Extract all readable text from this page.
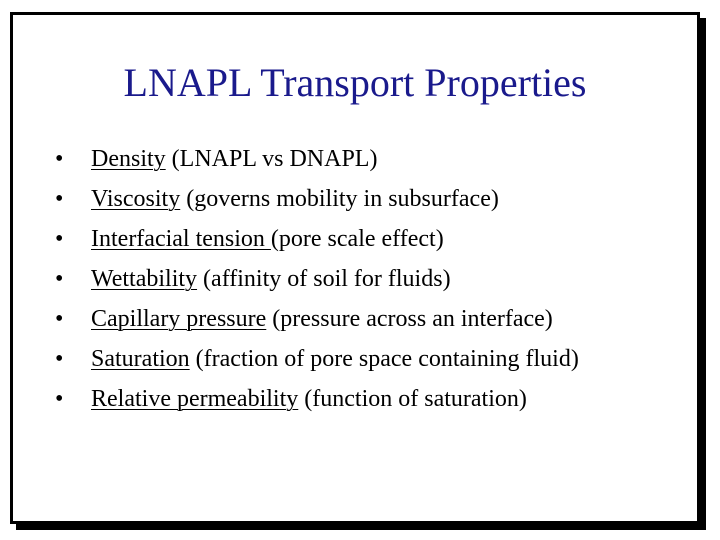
LNAPL Transport Properties
•	Density (LNAPL vs DNAPL)
•	Viscosity (governs mobility in subsurface)
•	Interfacial tension (pore scale effect)
•	Wettability (affinity of soil for fluids)
•	Capillary pressure (pressure across an interface)
•	Saturation (fraction of pore space containing fluid)
•	Relative permeability (function of saturation)
